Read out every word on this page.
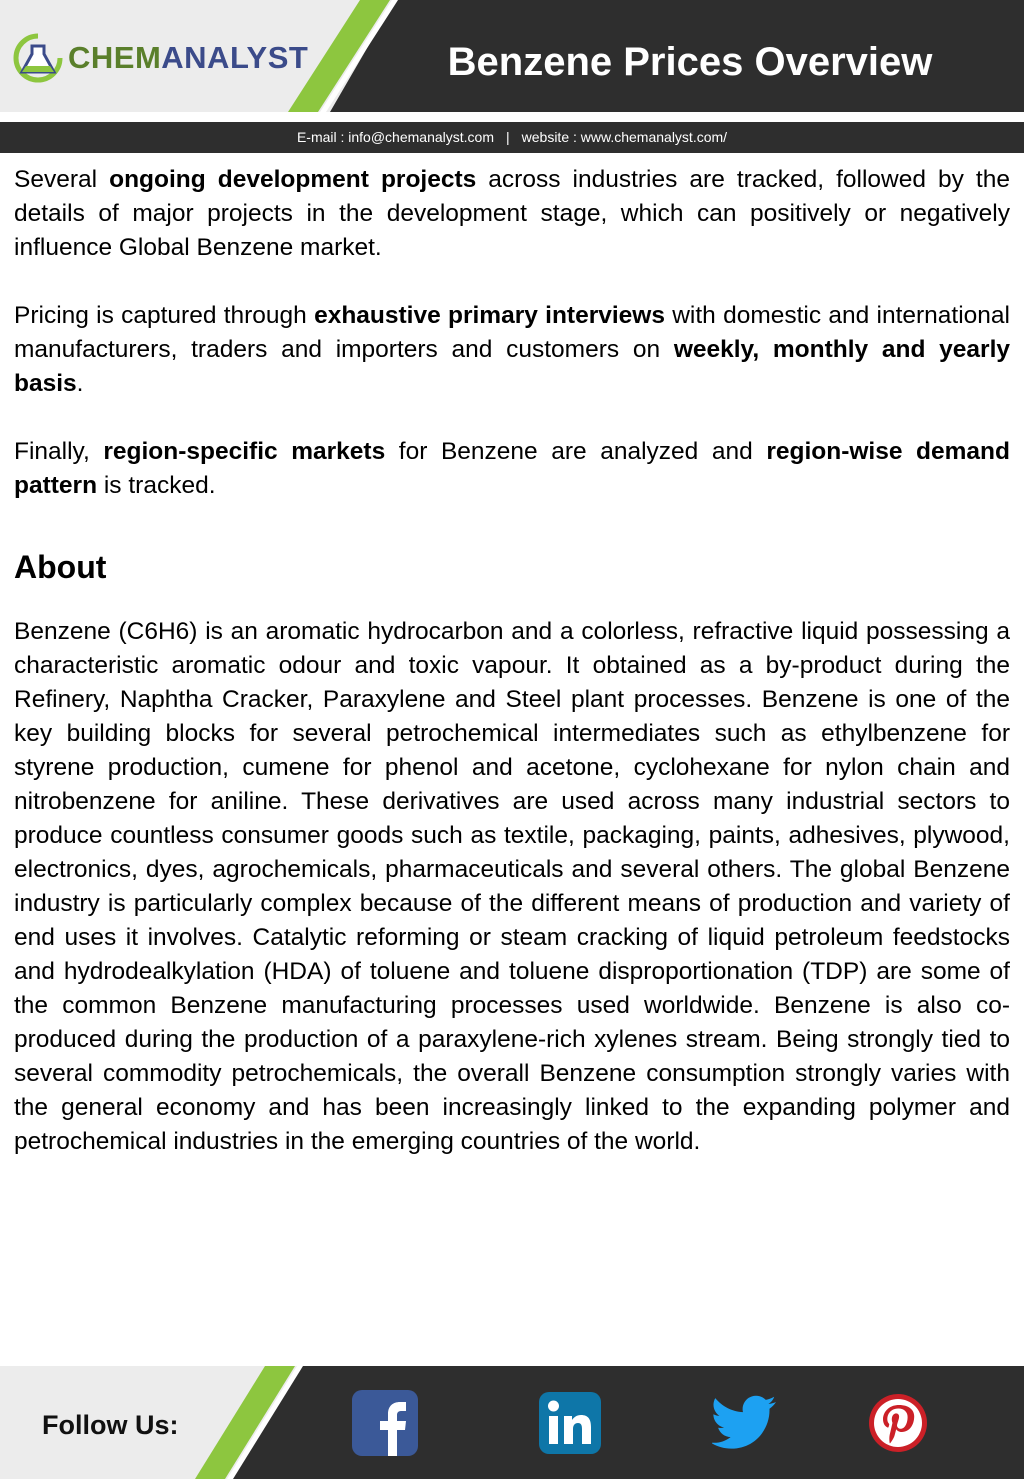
CHEMANALYST	Benzene Prices Overview
E-mail : info@chemanalyst.com | website : www.chemanalyst.com/

Several ongoing development projects across industries are tracked, followed by the details of major projects in the development stage, which can positively or negatively influence Global Benzene market.

Pricing is captured through exhaustive primary interviews with domestic and international manufacturers, traders and importers and customers on weekly, monthly and yearly basis.

Finally, region-specific markets for Benzene are analyzed and region-wise demand pattern is tracked.

About

Benzene (C6H6) is an aromatic hydrocarbon and a colorless, refractive liquid possessing a characteristic aromatic odour and toxic vapour. It obtained as a by-product during the Refinery, Naphtha Cracker, Paraxylene and Steel plant processes. Benzene is one of the key building blocks for several petrochemical intermediates such as ethylbenzene for styrene production, cumene for phenol and acetone, cyclohexane for nylon chain and nitrobenzene for aniline. These derivatives are used across many industrial sectors to produce countless consumer goods such as textile, packaging, paints, adhesives, plywood, electronics, dyes, agrochemicals, pharmaceuticals and several others. The global Benzene industry is particularly complex because of the different means of production and variety of end uses it involves. Catalytic reforming or steam cracking of liquid petroleum feedstocks and hydrodealkylation (HDA) of toluene and toluene disproportionation (TDP) are some of the common Benzene manufacturing processes used worldwide. Benzene is also co-produced during the production of a paraxylene-rich xylenes stream. Being strongly tied to several commodity petrochemicals, the overall Benzene consumption strongly varies with the general economy and has been increasingly linked to the expanding polymer and petrochemical industries in the emerging countries of the world.

Follow Us:
